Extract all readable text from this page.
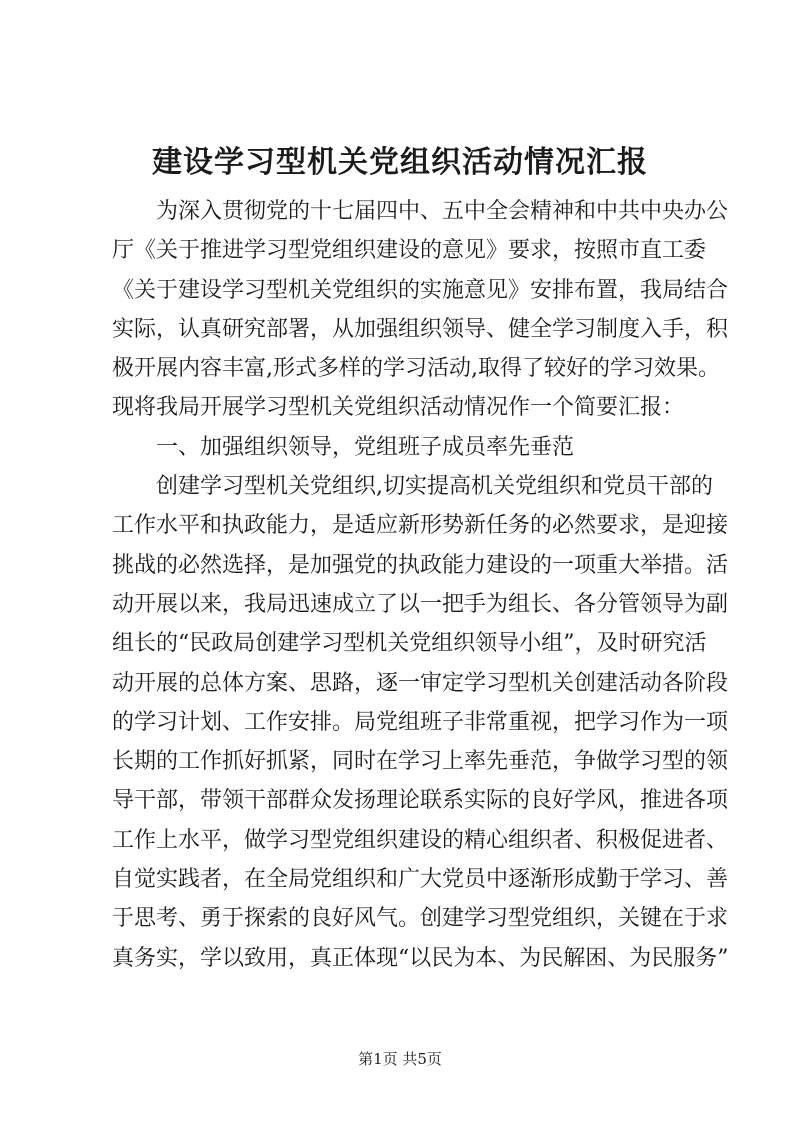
建设学习型机关党组织活动情况汇报
为深入贯彻党的十七届四中、五中全会精神和中共中央办公
厅《关于推进学习型党组织建设的意见》要求，按照市直工委
《关于建设学习型机关党组织的实施意见》安排布置，我局结合
实际，认真研究部署，从加强组织领导、健全学习制度入手，积
极开展内容丰富,形式多样的学习活动,取得了较好的学习效果。
现将我局开展学习型机关党组织活动情况作一个简要汇报：
一、加强组织领导，党组班子成员率先垂范
创建学习型机关党组织,切实提高机关党组织和党员干部的
工作水平和执政能力，是适应新形势新任务的必然要求，是迎接
挑战的必然选择，是加强党的执政能力建设的一项重大举措。活
动开展以来，我局迅速成立了以一把手为组长、各分管领导为副
组长的“民政局创建学习型机关党组织领导小组”，及时研究活
动开展的总体方案、思路，逐一审定学习型机关创建活动各阶段
的学习计划、工作安排。局党组班子非常重视，把学习作为一项
长期的工作抓好抓紧，同时在学习上率先垂范，争做学习型的领
导干部，带领干部群众发扬理论联系实际的良好学风，推进各项
工作上水平，做学习型党组织建设的精心组织者、积极促进者、
自觉实践者，在全局党组织和广大党员中逐渐形成勤于学习、善
于思考、勇于探索的良好风气。创建学习型党组织，关键在于求
真务实，学以致用，真正体现“以民为本、为民解困、为民服务”
第1页 共5页
